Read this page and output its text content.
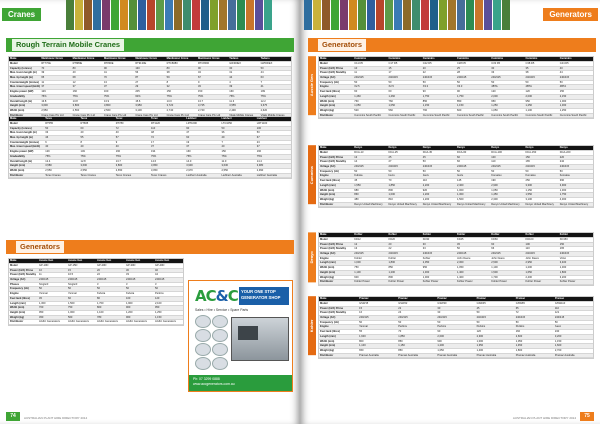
Cranes
Rough Terrain Mobile Cranes
Make	Manitowoc Grove	Manitowoc Grove	Manitowoc Grove	Manitowoc Grove	Manitowoc Grove	Manitowoc Grove	Tadano	Tadano
Model	RT770E	RT880E	RT890E	RT9130E	RTC8080	RTC8090	GR300EX	GR500EX
Capacity (tonnes)	70	80	90	130	80	90	30	50
Max. boom length (m)	39	40	41	56	38	43	31	44
Max. tip height (m)	65	68	70	87	59	67	44	63
Counterweight (tonnes)	11	12	13	27	8	9	4	7
Max. travel speed (km/h)	37	37	37	29	32	33	39	41
Engine power (kW)	129	160	160	205	150	150	160	199
Gradeability	75%	75%	75%	60%	75%	75%	75%	75%
Overall length (m)	13.8	13.8	13.9	15.6	13.0	13.7	11.3	12.2
Height (mm)	3,600	3,800	3,800	3,950	3,720	3,725	3,555	3,675
Width (mm)	2,550	2,560	2,560	3,100	2,740	2,740	2,490	2,620
Distributor	Crane Care Pty Ltd	Crane Care Pty Ltd	Crane Care Pty Ltd	Crane Care Pty Ltd	Crane Care Pty Ltd	Crane Care Pty Ltd	Vitale Mobile Cranes	Vitale Mobile Cranes
Make	Terex	Terex	Terex	Terex	Liebherr	Liebherr	Liebherr
Model	RT555	RT665	RT780	RT1120	LRT1090	LTC1050	LRT1100
Capacity (tonnes)	50	60	72	110	90	50	100
Max. boom length (m)	33	40	40	48	47	36	50
Max. tip height (m)	46	55	57	72	60	49	67
Counterweight (tonnes)	6	8	9	17	19	7	23
Max. travel speed (km/h)	40	40	40	37	37	40	37
Engine power (kW)	129	149	160	194	160	150	160
Gradeability	75%	75%	75%	75%	75%	75%	75%
Overall length (m)	12.4	12.8	13.7	14.6	14.0	11.0	14.4
Height (mm)	3,580	3,600	3,800	3,950	3,930	3,630	3,980
Width (mm)	2,550	2,550	2,650	3,050	2,970	2,550	2,990
Distributor	Terex Cranes	Terex Cranes	Terex Cranes	Terex Cranes	Liebherr Australia	Liebherr Australia	Liebherr Australia
Generators
Make	Aussie Gen	Aussie Gen	Aussie Gen	Aussie Gen	Aussie Gen
Model	GP-10D	GP-15D	GP-20D	GP-30D	GP-40D
Power (kVA) Prime	10	15	20	30	40
Power (kVA) Standby	11	16.5	22	33	44
Voltage (AC)	240/415	240/415	240/415	240/415	240/415
Phases	Single/3	Single/3	3	3	3
Frequency (Hz)	50	50	50	50	50
Engine	Yanmar	Yanmar	Kubota	Kubota	Perkins
Fuel tank (litres)	45	60	80	100	120
Length (mm)	1,300	1,500	1,700	1,900	2,100
Width (mm)	700	750	800	900	950
Height (mm)	950	1,000	1,100	1,200	1,250
Weight (kg)	450	560	780	960	1,150
Distributor	AC&C Generators	AC&C Generators	AC&C Generators	AC&C Generators	AC&C Generators
AC&C YOUR ONE STOP GENERATOR SHOP
Sales • Hire • Service • Spare Parts
Ph: 07 3299 0888
www.accgenerators.com.au
74	AUSTRALIAN PLANT HIRE DIRECTORY 2014
Generators
Generators
Aussie Gen
Make	Cummins	Cummins	Cummins	Cummins	Cummins	Cummins	Cummins
Model	C11 D5	C17 D5	C22 D5	C28 D5	C33 D5	C38 D5	C44 D5
Power (kVA) Prime	10	15	20	25	30	35	40
Power (kVA) Standby	11	17	22	28	33	38	44
Voltage (AC)	240/415	240/415	240/415	240/415	240/415	240/415	240/415
Frequency (Hz)	50	50	50	50	50	50	50
Engine	X2.5	X2.5	X3.3	X3.3	4BTA	4BTA	4BTA
Fuel tank (litres)	60	60	90	90	120	120	150
Length (mm)	1,460	1,460	1,750	1,750	2,000	2,000	2,150
Width (mm)	760	760	850	850	950	950	1,000
Height (mm)	1,050	1,050	1,150	1,150	1,250	1,250	1,300
Weight (kg)	520	560	760	820	1,050	1,100	1,250
Distributor	Cummins South Pacific	Cummins South Pacific	Cummins South Pacific	Cummins South Pacific	Cummins South Pacific	Cummins South Pacific	Cummins South Pacific
Cummins
Make	Denyo	Denyo	Denyo	Denyo	Denyo	Denyo	Denyo
Model	DCA-13	DCA-25	DCA-45	DCA-60	DCA-100	DCA-150	DCA-220
Power (kVA) Prime	13	25	45	60	100	150	220
Power (kVA) Standby	14	27	50	66	110	165	242
Voltage (AC)	240/415	240/415	240/415	240/415	240/415	240/415	240/415
Frequency (Hz)	50	50	50	50	50	50	50
Engine	Kubota	Isuzu	Isuzu	Isuzu	Komatsu	Komatsu	Komatsu
Fuel tank (litres)	45	70	110	145	190	250	390
Length (mm)	1,550	1,850	2,200	2,400	2,900	3,300	3,900
Width (mm)	680	800	920	1,000	1,050	1,150	1,300
Height (mm)	860	1,000	1,200	1,300	1,450	1,550	1,750
Weight (kg)	480	810	1,200	1,500	2,300	3,100	4,300
Distributor	Denyo United Machinery	Denyo United Machinery	Denyo United Machinery	Denyo United Machinery	Denyo United Machinery	Denyo United Machinery	Denyo United Machinery
Denyo
Make	Kohler	Kohler	Kohler	Kohler	Kohler	Kohler	Kohler
Model	KD12	KD20	KD30	KD45	KD60	KD100	KD150
Power (kVA) Prime	12	20	30	45	60	100	150
Power (kVA) Standby	13	22	33	50	66	110	165
Voltage (AC)	240/415	240/415	240/415	240/415	240/415	240/415	240/415
Engine	Kohler	Kohler	Kohler	John Deere	John Deere	John Deere	Volvo
Length (mm)	1,600	1,800	2,050	2,300	2,500	2,950	3,400
Width (mm)	750	850	950	1,050	1,100	1,200	1,300
Height (mm)	1,100	1,200	1,300	1,400	1,500	1,650	1,800
Weight (kg)	600	800	1,000	1,400	1,700	2,400	3,200
Distributor	Kohler Power	Kohler Power	Kohler Power	Kohler Power	Kohler Power	Kohler Power	Kohler Power
Kohler
Make	Pramac	Pramac	Pramac	Pramac	Pramac	Pramac
Model	GSW15	GSW22	GSW30	GSW45	GSW65	GSW110
Power (kVA) Prime	15	22	30	45	65	110
Power (kVA) Standby	16	24	33	50	72	121
Voltage (AC)	240/415	240/415	240/415	240/415	240/415	240/415
Frequency (Hz)	50	50	50	50	50	50
Engine	Yanmar	Perkins	Perkins	Perkins	Perkins	Iveco
Fuel tank (litres)	55	70	90	120	160	240
Length (mm)	1,600	1,850	2,000	2,300	2,600	3,200
Width (mm)	800	850	900	1,000	1,050	1,150
Height (mm)	1,100	1,150	1,200	1,350	1,450	1,600
Weight (kg)	650	850	1,050	1,400	1,800	2,700
Distributor	Pramac Australia	Pramac Australia	Pramac Australia	Pramac Australia	Pramac Australia	Pramac Australia
75
AUSTRALIAN PLANT HIRE DIRECTORY 2014
